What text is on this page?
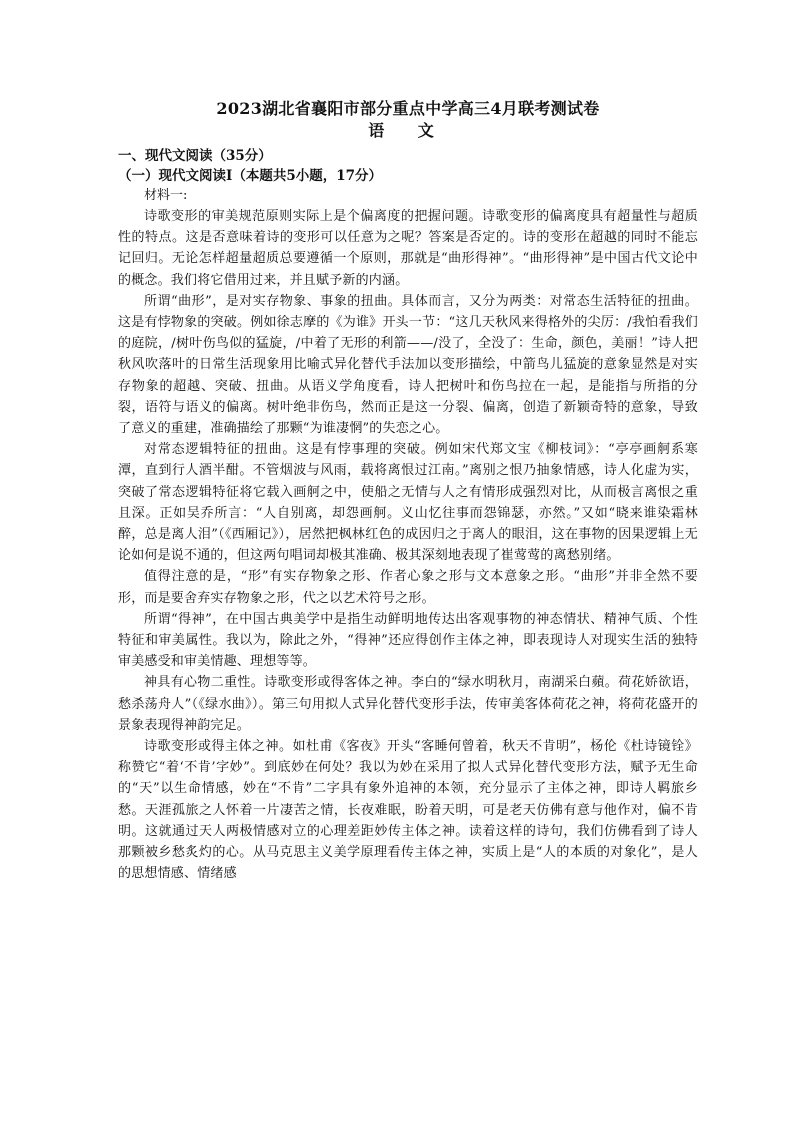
2023湖北省襄阳市部分重点中学高三4月联考测试卷
语 文
一、现代文阅读（35分）
（一）现代文阅读Ⅰ（本题共5小题，17分）
材料一:

诗歌变形的审美规范原则实际上是个偏离度的把握问题。诗歌变形的偏离度具有超量性与超质性的特点。这是否意味着诗的变形可以任意为之呢？答案是否定的。诗的变形在超越的同时不能忘记回归。无论怎样超量超质总要遵循一个原则，那就是“曲形得神”。“曲形得神”是中国古代文论中的概念。我们将它借用过来，并且赋予新的内涵。

所谓“曲形”，是对实存物象、事象的扭曲。具体而言，又分为两类：对常态生活特征的扭曲。这是有悖物象的突破。例如徐志摩的《为谁》开头一节：“这几天秋风来得格外的尖厉：/我怕看我们的庭院，/树叶伤鸟似的猛旋，/中着了无形的利箭——/没了，全没了：生命，颜色，美丽！”诗人把秋风吹落叶的日常生活现象用比喻式异化替代手法加以变形描绘，中箭鸟儿猛旋的意象显然是对实存物象的超越、突破、扭曲。从语义学角度看，诗人把树叶和伤鸟拉在一起，是能指与所指的分裂，语符与语义的偏离。树叶绝非伤鸟，然而正是这一分裂、偏离，创造了新颖奇特的意象，导致了意义的重建，准确描绘了那颗“为谁凄惘”的失恋之心。

对常态逻辑特征的扭曲。这是有悖事理的突破。例如宋代郑文宝《柳枝词》：“亭亭画舸系寒潭，直到行人酒半酣。不管烟波与风雨，载将离恨过江南。”离别之恨乃抽象情感，诗人化虚为实，突破了常态逻辑特征将它载入画舸之中，使船之无情与人之有情形成强烈对比，从而极言离恨之重且深。正如吴乔所言：“人自别离，却怨画舸。义山忆往事而怨锦瑟，亦然。”又如“晓来谁染霜林醉，总是离人泪”（《西厢记》），居然把枫林红色的成因归之于离人的眼泪，这在事物的因果逻辑上无论如何是说不通的，但这两句唱词却极其准确、极其深刻地表现了崔莺莺的离愁别绪。

值得注意的是，“形”有实存物象之形、作者心象之形与文本意象之形。“曲形”并非全然不要形，而是要舍弃实存物象之形，代之以艺术符号之形。

所谓“得神”，在中国古典美学中是指生动鲜明地传达出客观事物的神态情状、精神气质、个性特征和审美属性。我以为，除此之外，“得神”还应得创作主体之神，即表现诗人对现实生活的独特审美感受和审美情趣、理想等等。

神具有心物二重性。诗歌变形或得客体之神。李白的“绿水明秋月，南湖采白蘋。荷花娇欲语，愁杀荡舟人”（《绿水曲》）。第三句用拟人式异化替代变形手法，传审美客体荷花之神，将荷花盛开的景象表现得神韵完足。

诗歌变形或得主体之神。如杜甫《客夜》开头“客睡何曾着，秋天不肯明”，杨伦《杜诗镜铨》称赞它“着‘不肯’字妙”。到底妙在何处？我以为妙在采用了拟人式异化替代变形方法，赋予无生命的“天”以生命情感，妙在“不肯”二字具有象外追神的本领，充分显示了主体之神，即诗人羁旅乡愁。天涯孤旅之人怀着一片凄苦之情，长夜难眠，盼着天明，可是老天仿佛有意与他作对，偏不肯明。这就通过天人两极情感对立的心理差距妙传主体之神。读着这样的诗句，我们仿佛看到了诗人那颗被乡愁炙灼的心。从马克思主义美学原理看传主体之神，实质上是“人的本质的对象化”，是人的思想情感、情绪感
